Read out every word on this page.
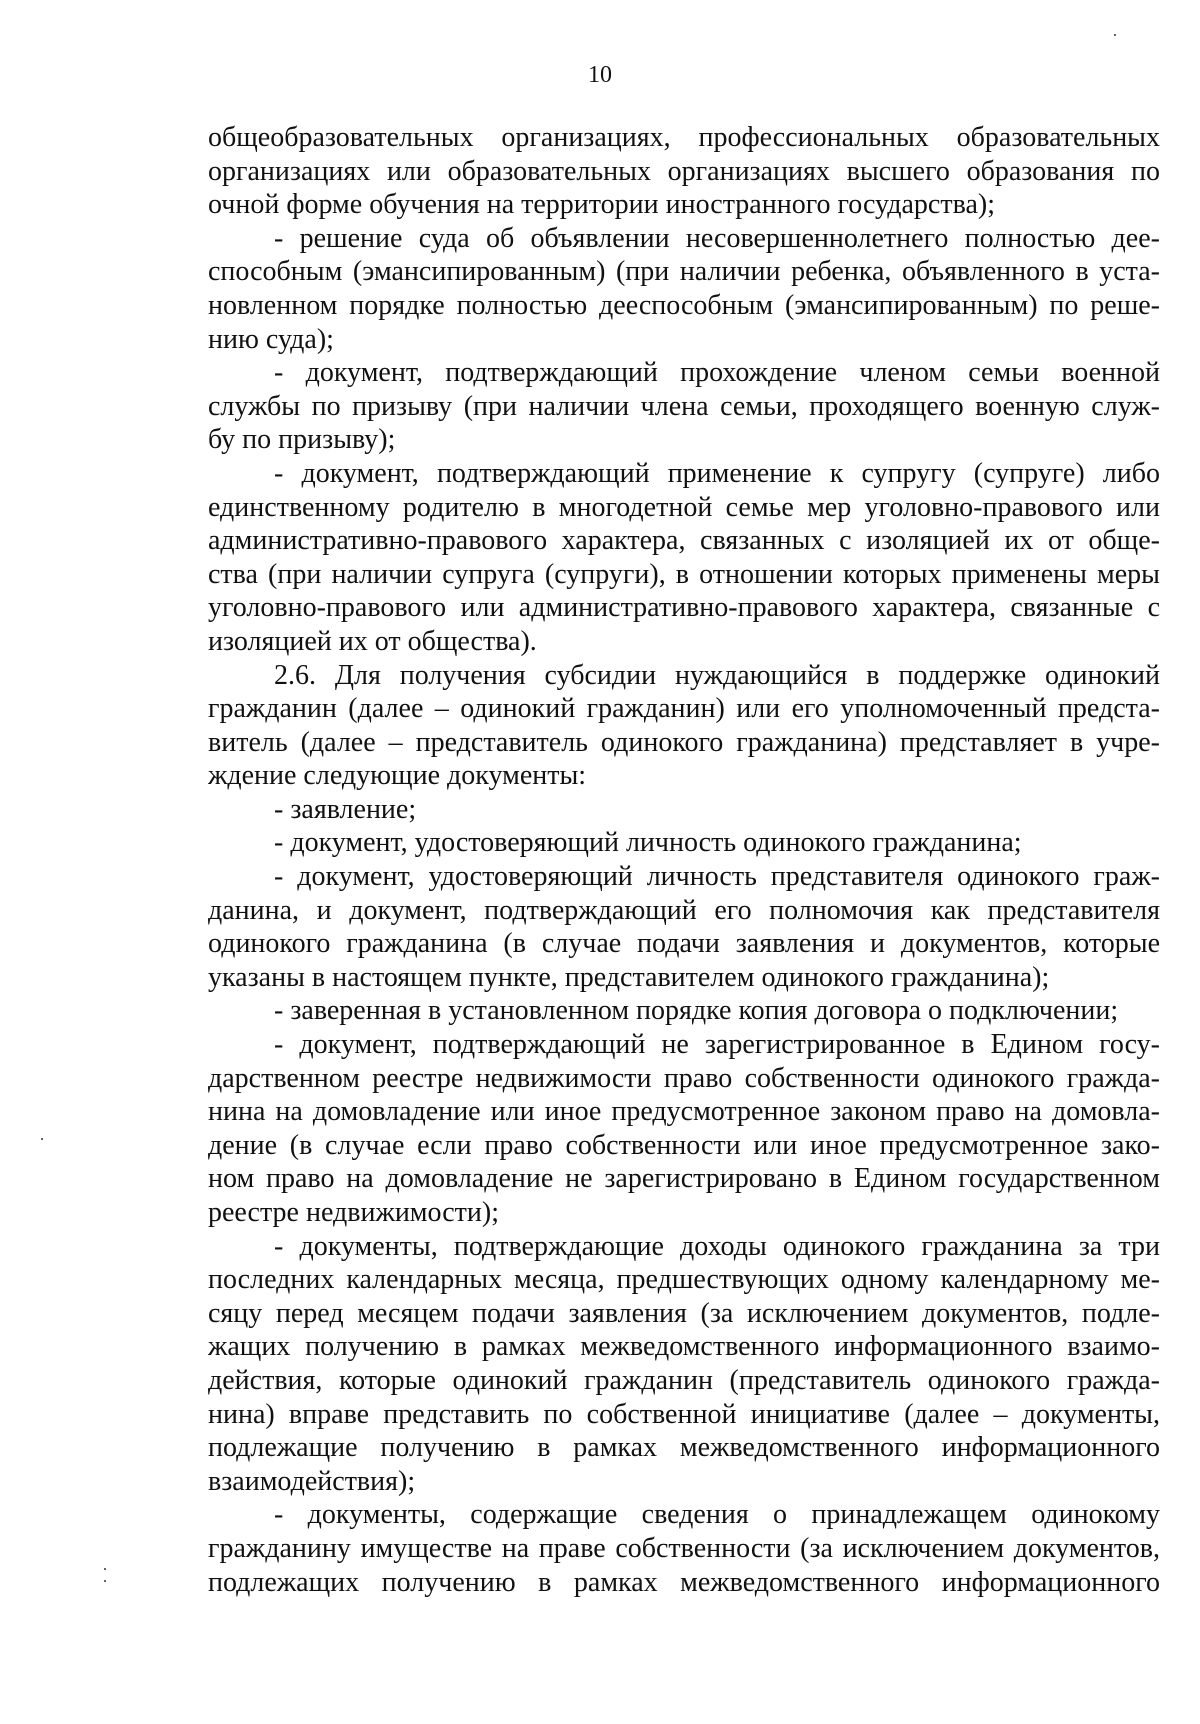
10
общеобразовательных организациях, профессиональных образовательных
организациях или образовательных организациях высшего образования по
очной форме обучения на территории иностранного государства);
- решение суда об объявлении несовершеннолетнего полностью дее-
способным (эмансипированным) (при наличии ребенка, объявленного в уста-
новленном порядке полностью дееспособным (эмансипированным) по реше-
нию суда);
- документ, подтверждающий прохождение членом семьи военной
службы по призыву (при наличии члена семьи, проходящего военную служ-
бу по призыву);
- документ, подтверждающий применение к супругу (супруге) либо
единственному родителю в многодетной семье мер уголовно-правового или
административно-правового характера, связанных с изоляцией их от обще-
ства (при наличии супруга (супруги), в отношении которых применены меры
уголовно-правового или административно-правового характера, связанные с
изоляцией их от общества).
2.6. Для получения субсидии нуждающийся в поддержке одинокий
гражданин (далее – одинокий гражданин) или его уполномоченный предста-
витель (далее – представитель одинокого гражданина) представляет в учре-
ждение следующие документы:
- заявление;
- документ, удостоверяющий личность одинокого гражданина;
- документ, удостоверяющий личность представителя одинокого граж-
данина, и документ, подтверждающий его полномочия как представителя
одинокого гражданина (в случае подачи заявления и документов, которые
указаны в настоящем пункте, представителем одинокого гражданина);
- заверенная в установленном порядке копия договора о подключении;
- документ, подтверждающий не зарегистрированное в Едином госу-
дарственном реестре недвижимости право собственности одинокого гражда-
нина на домовладение или иное предусмотренное законом право на домовла-
дение (в случае если право собственности или иное предусмотренное зако-
ном право на домовладение не зарегистрировано в Едином государственном
реестре недвижимости);
- документы, подтверждающие доходы одинокого гражданина за три
последних календарных месяца, предшествующих одному календарному ме-
сяцу перед месяцем подачи заявления (за исключением документов, подле-
жащих получению в рамках межведомственного информационного взаимо-
действия, которые одинокий гражданин (представитель одинокого гражда-
нина) вправе представить по собственной инициативе (далее – документы,
подлежащие получению в рамках межведомственного информационного
взаимодействия);
- документы, содержащие сведения о принадлежащем одинокому
гражданину имуществе на праве собственности (за исключением документов,
подлежащих получению в рамках межведомственного информационного
